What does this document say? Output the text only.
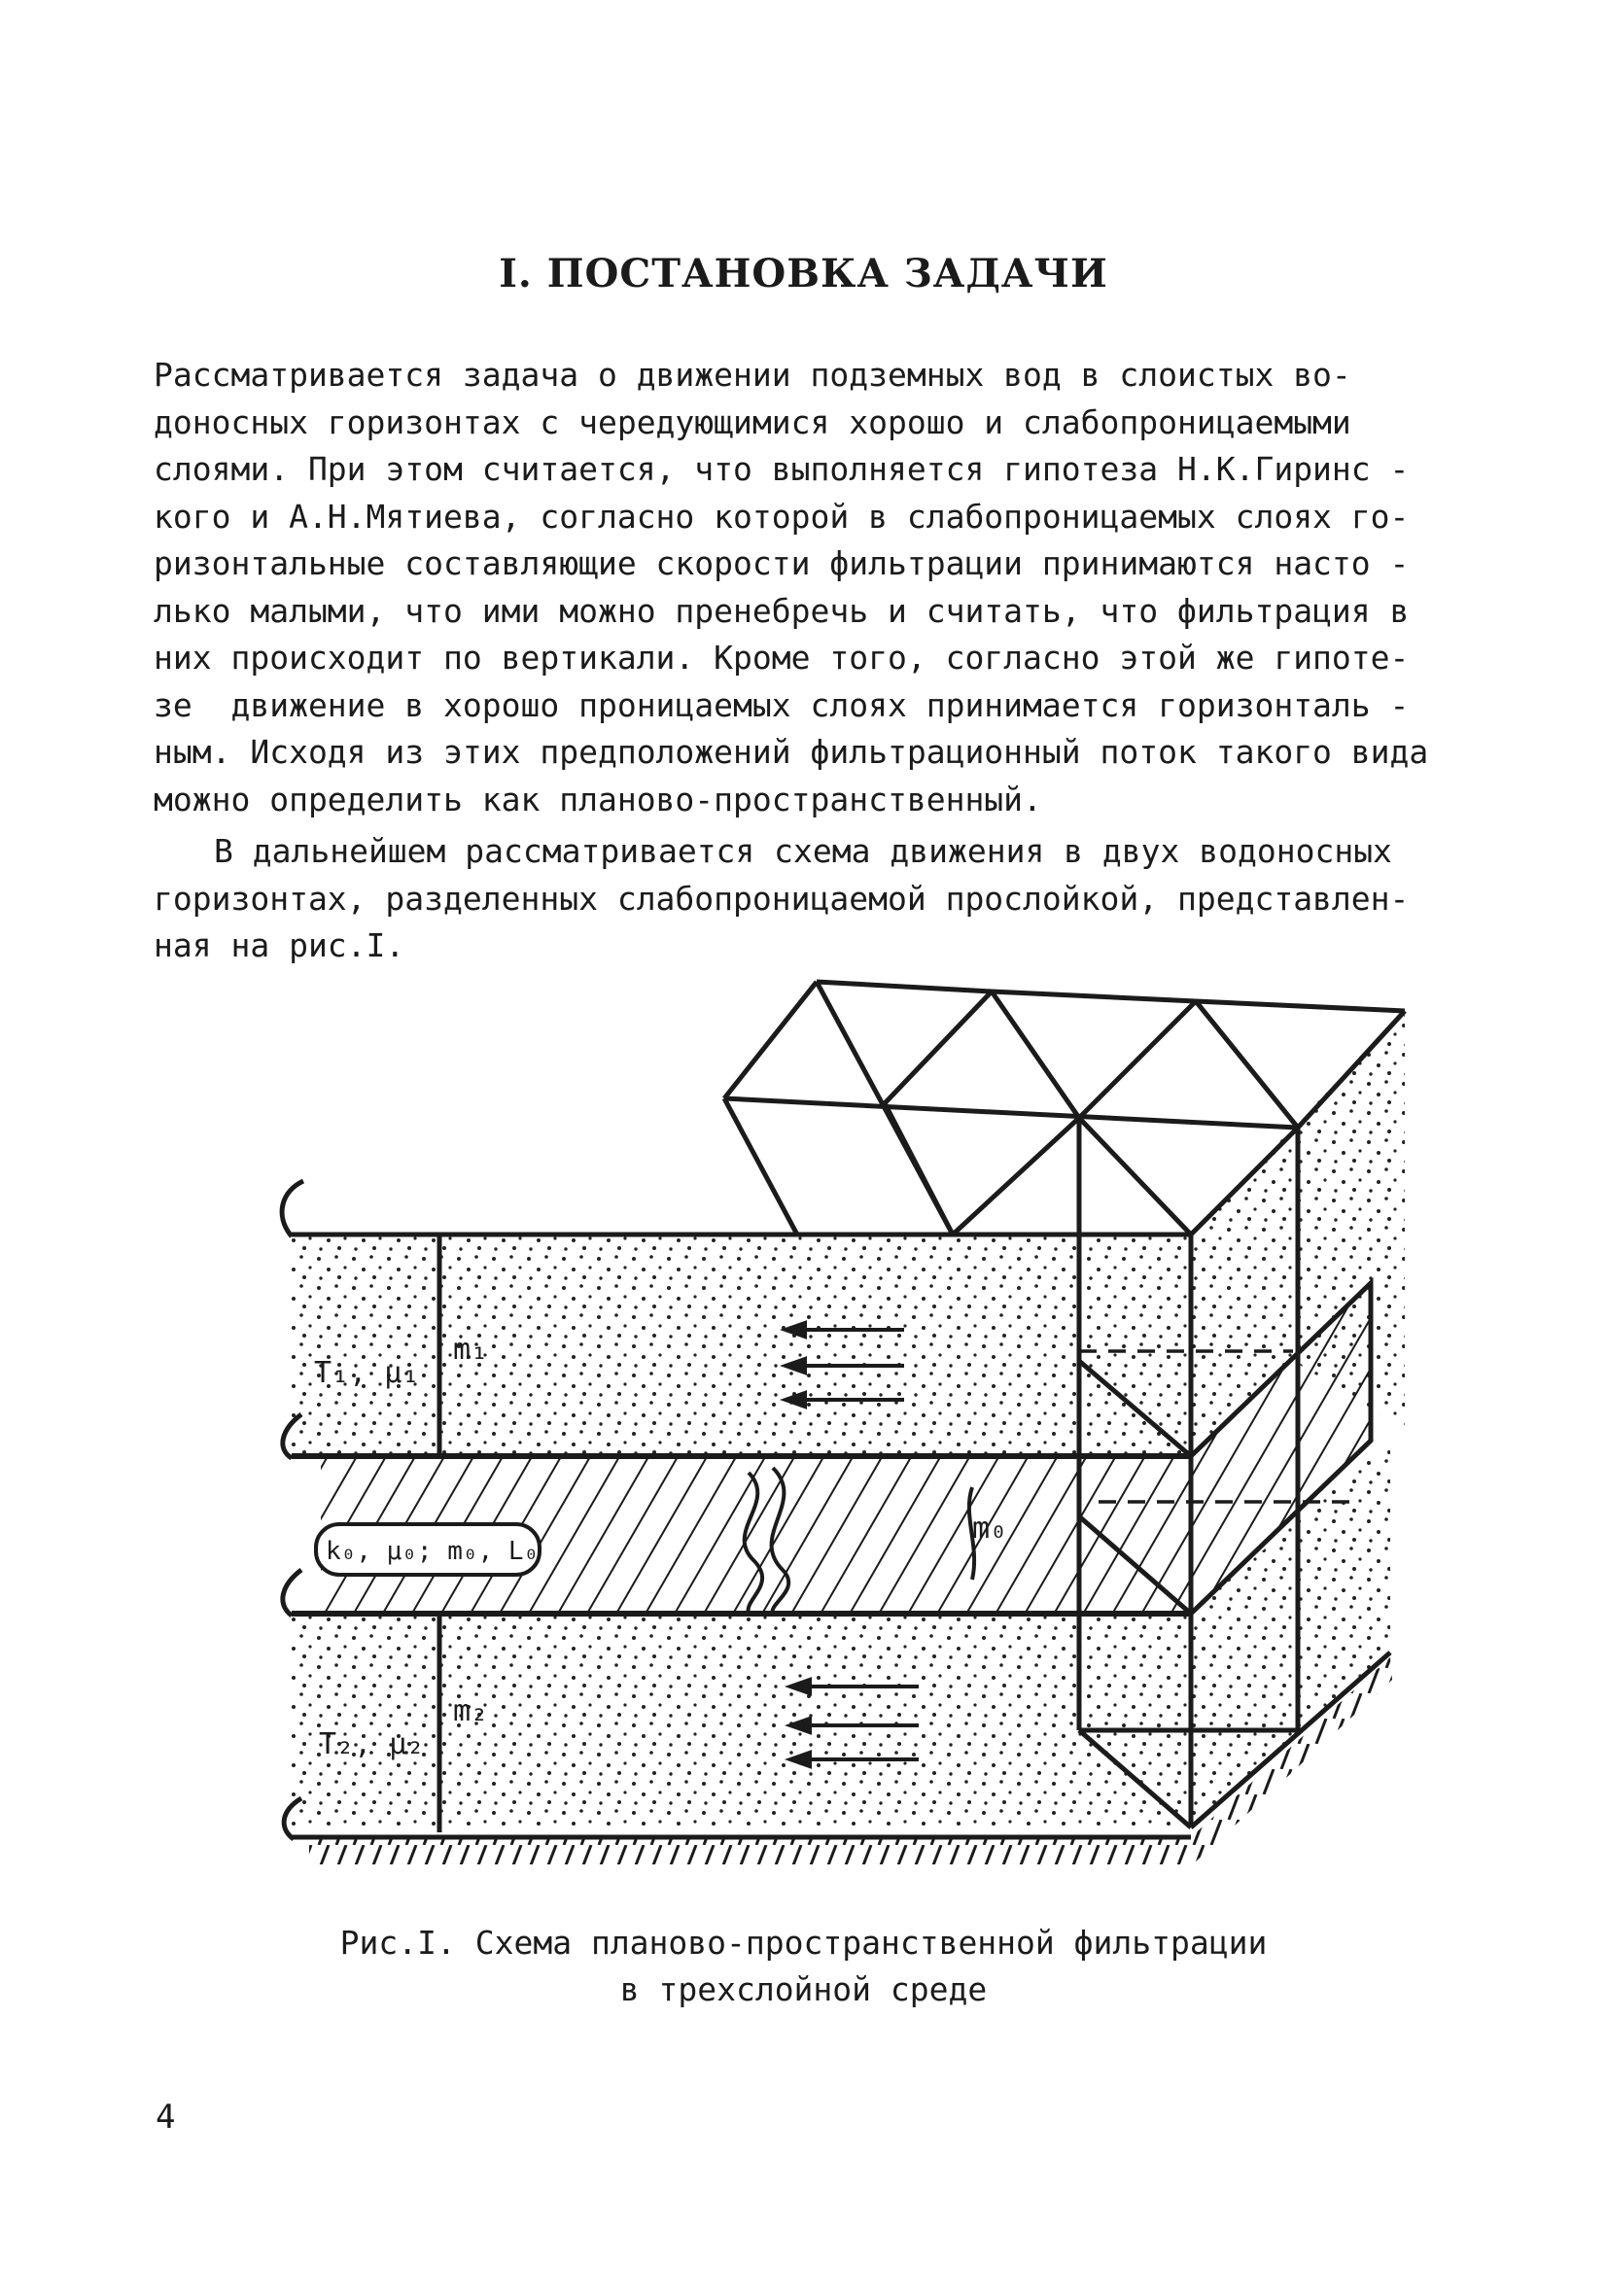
I. ПОСТАНОВКА ЗАДАЧИ
Рассматривается задача о движении подземных вод в слоистых во-
доносных горизонтах с чередующимися хорошо и слабопроницаемыми
слоями. При этом считается, что выполняется гипотеза Н.К.Гиринс -
кого и А.Н.Мятиева, согласно которой в слабопроницаемых слоях го-
ризонтальные составляющие скорости фильтрации принимаются насто -
лько малыми, что ими можно пренебречь и считать, что фильтрация в
них происходит по вертикали. Кроме того, согласно этой же гипоте-
зе  движение в хорошо проницаемых слоях принимается горизонталь -
ным. Исходя из этих предположений фильтрационный поток такого вида
можно определить как планово-пространственный.
В дальнейшем рассматривается схема движения в двух водоносных
горизонтах, разделенных слабопроницаемой прослойкой, представлен-
ная на рис.I.
k₀, μ₀; m₀, L₀
T₁, μ₁
m₁
m₀
T₂, μ₂
m₂
Рис.I. Схема планово-пространственной фильтрации
в трехслойной среде
4
